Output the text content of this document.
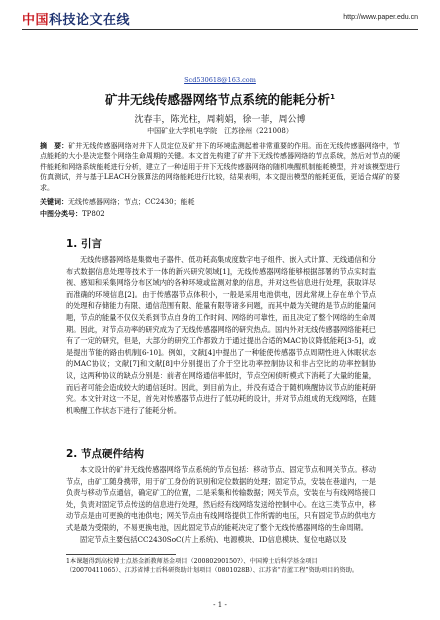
中国 科技论文在线	http://www.paper.edu.cn
Scd530618@163.com
矿井无线传感器网络节点系统的能耗分析$^1$
沈春丰，陈光柱，周莉娟，徐一菲，周公博
中国矿业大学机电学院　江苏徐州（221008）
摘　要：矿井无线传感器网络对井下人员定位及矿井下的环境监测起着非常重要的作用。而在无线传感器网络中，节点能耗的大小是决定整个网络生命周期的关键。本文首先构建了矿井下无线传感器网络的节点系统，然后对节点的硬件能耗和网络系统能耗进行分析，建立了一种适用于井下无线传感器网络的随机唤醒机制能耗模型，并对该模型进行仿真测试，并与基于LEACH分簇算法的网络能耗进行比较，结果表明，本文提出模型的能耗更低，更适合煤矿的要求。
关键词：无线传感器网络；节点；CC2430；能耗
中图分类号：TP802
1. 引言

无线传感器网络是集微电子器件、低功耗高集成度数字电子组件、嵌入式计算、无线通信和分布式数据信息处理等技术于一体的新兴研究领域[1]，无线传感器网络能够根据部署的节点实时监视、感知和采集网络分布区域内的各种环境或监测对象的信息，并对这些信息进行处理，获取详尽而准确的环境信息[2]。由于传感器节点体积小，一般是采用电池供电，因此常规上存在单个节点的处理和存储能力有限、通信范围有限、能量有限等诸多问题，而其中最为关键的是节点的能量问题，节点的能量不仅仅关系到节点自身的工作时间、网络的可靠性，而且决定了整个网络的生命周期。因此，对节点功率的研究成为了无线传感器网络的研究热点。国内外对无线传感器网络能耗已有了一定的研究，但是，大部分的研究工作都致力于通过提出合适的MAC协议降低能耗[3-5]，或是提出节能的路由机制[6-10]。例如，文献[4]中提出了一种能使传感器节点周期性进入休眠状态的MAC协议；文献[7]和文献[8]中分别提出了介于空比功率控制协议和非占空比的功率控制协议，这两种协议的缺点分别是：前者在网络通信率低时，节点空闲侦听模式下消耗了大量的能量，而后者可能会造成较大的通信延时。因此，到目前为止，并没有适合于随机唤醒协议节点的能耗研究。本文针对这一不足，首先对传感器节点进行了低功耗的设计，并对节点组成的无线网络，在随机唤醒工作状态下进行了能耗分析。

2. 节点硬件结构

本文设计的矿井无线传感器网络节点系统的节点包括：移动节点、固定节点和网关节点。移动节点，由矿工随身携带，用于矿工身份的识别和定位数据的处理；固定节点，安装在巷道内，一是负责与移动节点通信，确定矿工的位置，二是采集和传输数据；网关节点，安装在与有线网络接口处，负责对固定节点传送的信息进行处理，然后经有线网络发送给控制中心。在这三类节点中，移动节点是由可更换的电池供电；网关节点由有线网络提供工作所需的电压，只有固定节点的供电方式是最为受限的，不易更换电池，因此固定节点的能耗决定了整个无线传感器网络的生命周期。

固定节点主要包括CC2430SoC(片上系统)、电源模块、ID信息模块、复位电路以及

1本课题得到高校博士点基金新教师基金项目（20080290150?）、中国博士后科学基金项目（20070411065）、江苏省博士后科研资助计划项目（0801028B）、江苏省“青蓝工程”资助项目的资助。
- 1 -
